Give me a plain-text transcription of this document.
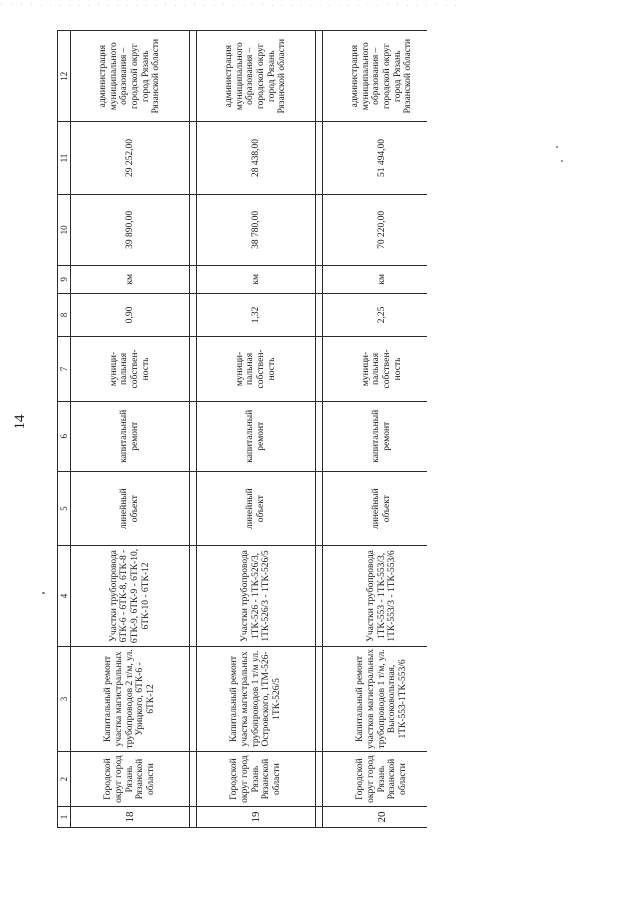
· · · · . . . . . . · . . . . . . · . . · . . · . . · · . . . . . . . . . . · . · · . . . · . .
14
1	2	3	4	5	6	7	8	9	10	11	12
18	Городской округ город Рязань Рязанской области	Капитальный ремонт участка магистральных трубопроводов 2 т/м, ул. Урицкого, 6ТК-6 - 6ТК-12	Участки трубопровода 6ТК-6 - 6ТК-8, 6ТК-8 - 6ТК-9, 6ТК-9 - 6ТК-10, 6ТК-10 - 6ТК-12	линейный объект	капитальный ремонт	муници-пальная собствен-ность	0,90	км	39 890,00	29 252,00	администрация муниципального образования – городской округ город Рязань Рязанской области

19	Городской округ город Рязань Рязанской области	Капитальный ремонт участка магистральных трубопроводов 1 т/м ул. Островского, 1ТМ-526-1ТК-526/5	Участки трубопровода 1ТК-526 - 1ТК-526/3, 1ТК-526/3 - 1ТК-526/5	линейный объект	капитальный ремонт	муници-пальная собствен-ность	1,32	км	38 780,00	28 438,00	администрация муниципального образования – городской округ город Рязань Рязанской области

20	Городской округ город Рязань Рязанской области	Капитальный ремонт участков магистральных трубопроводов 1 т/м, ул. Высоковольтная, 1ТК-553-1ТК-553/6	Участки трубопровода 1ТК-553 - 1ТК-553/3, 1ТК-553/3 - 1ТК-553/6	линейный объект	капитальный ремонт	муници-пальная собствен-ность	2,25	км	70 220,00	51 494,00	администрация муниципального образования – городской округ город Рязань Рязанской области
